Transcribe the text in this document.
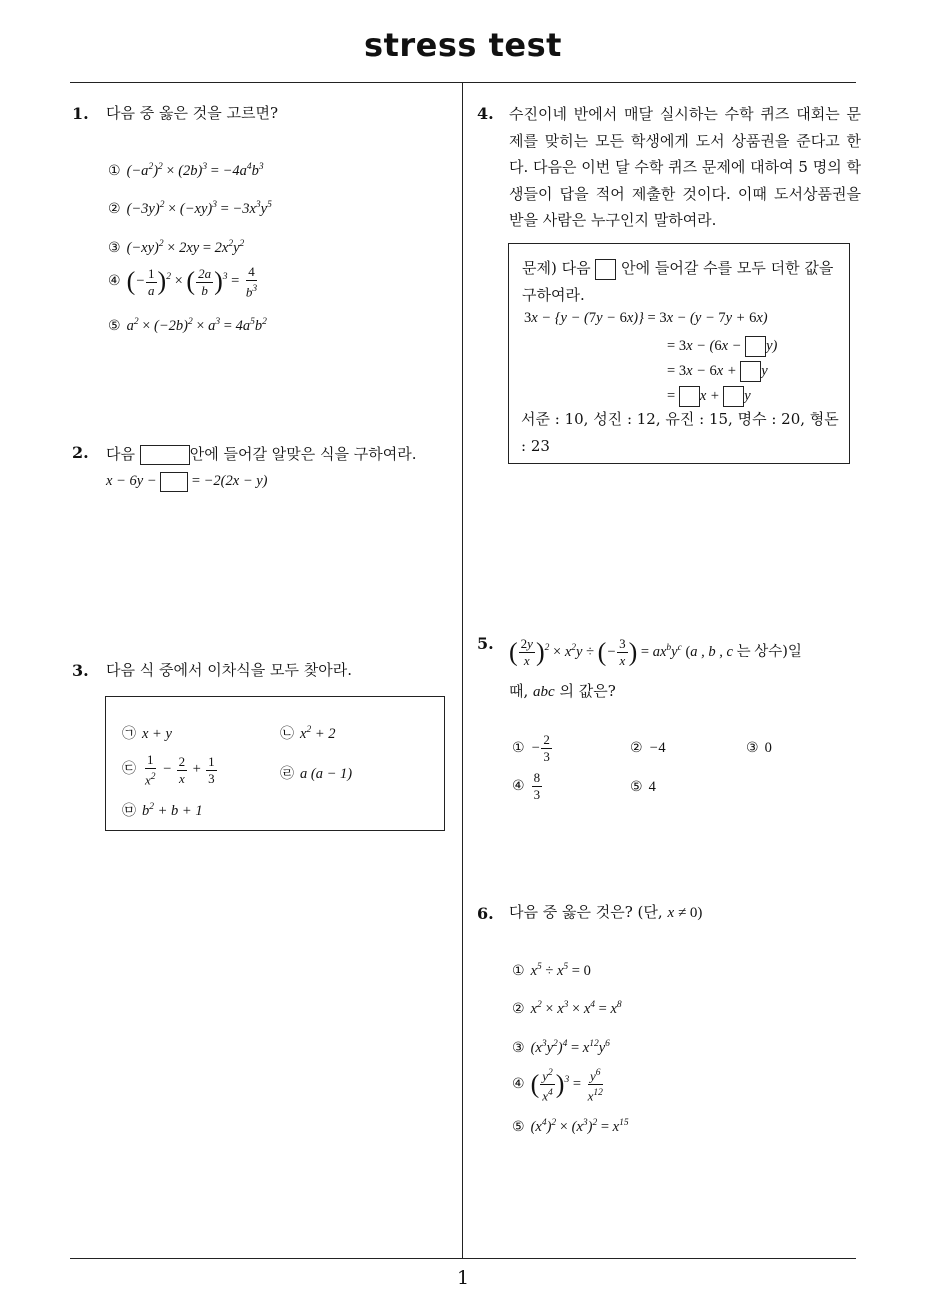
stress test
1
1. 다음 중 옳은 것을 고르면?
① $(-a^2)^2 \times (2b)^3 = -4a^4b^3$
② $(-3y)^2 \times (-xy)^3 = -3x^3y^5$
③ $(-xy)^2 \times 2xy = 2x^2y^2$
④ (− $\frac{1}{a} )^2$ × ( $\frac{2a}{b} )^3 = \frac{4}{b^3}$
⑤ $a^2 \times (-2b)^2 \times a^3 = 4a^5b^2$
2. 다음	안에 들어갈 알맞은 식을 구하여라.
x − 6y −  = −2(2x − y)
3. 다음 식 중에서 이차식을 모두 찾아라.
㉠ x + y	㉡ $x^2 + 2$
㉢ $\frac{1}{x^2} - \frac{2}{x} + \frac{1}{3}$	㉣ a (a − 1)
㉤ $b^2 + b + 1$
4. 수진이네 반에서 매달 실시하는 수학 퀴즈 대회는 문제를 맞히는 모든 학생에게 도서 상품권을 준다고 한다. 다음은 이번 달 수학 퀴즈 문제에 대하여 5 명의 학생들이 답을 적어 제출한 것이다. 이때 도서상품권을 받을 사람은 누구인지 말하여라.
문제) 다음 안에 들어갈 수를 모두 더한 값을
구하여라.
3x − {y − (7y − 6x)} = 3x − (y − 7y + 6x)
= 3x − (6x − y)
= 3x − 6x + y
= x + y
서준 : 10, 성진 : 12, 유진 : 15, 명수 : 20, 형돈 : 23
5. ( $\frac{2y}{x} )^2 \times x^2y$ ÷ (− $\frac{3}{x}$ ) = $ax^by^c$ (a , b , c 는 상수)일
때, abc 의 값은?
① − $\frac{2}{3}$	② −4	③ 0
④ $\frac{8}{3}$	⑤ 4
6. 다음 중 옳은 것은? (단, x ≠ 0)
① $x^5 \div x^5 = 0$
② $x^2 \times x^3 \times x^4 = x^8$
③ $(x^3y^2)^4 = x^{12}y^6$
④ ( $\frac{y^2}{x^4} )^3 = \frac{y^6}{x^{12}}$
⑤ $(x^4)^2 \times (x^3)^2 = x^{15}$
